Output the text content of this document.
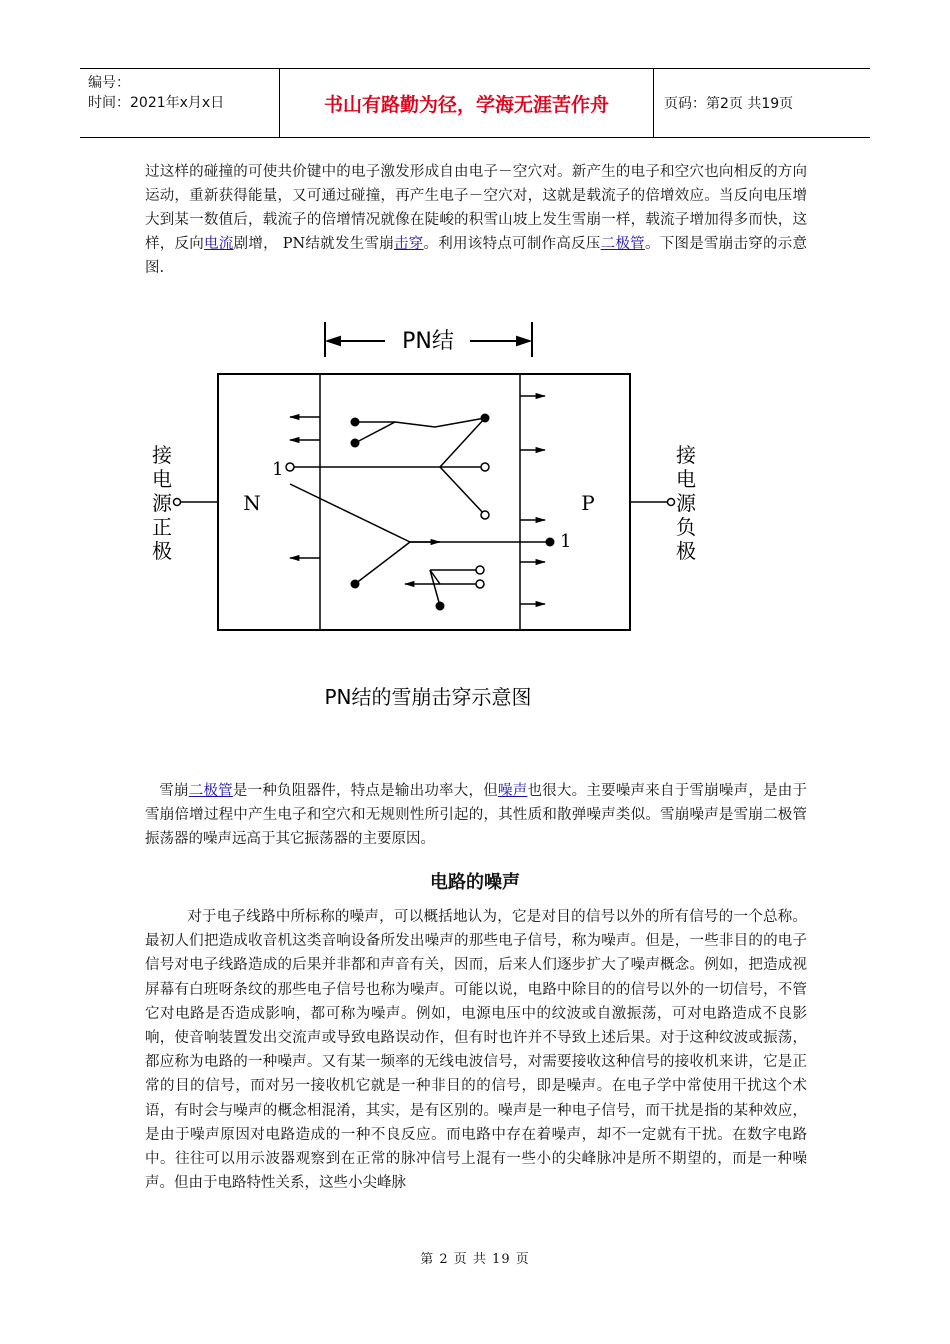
编号：
时间：2021年x月x日	书山有路勤为径，学海无涯苦作舟	页码：第2页 共19页
过这样的碰撞的可使共价键中的电子激发形成自由电子－空穴对。新产生的电子和空穴也向相反的方向运动，重新获得能量，又可通过碰撞，再产生电子－空穴对，这就是载流子的倍增效应。当反向电压增大到某一数值后，载流子的倍增情况就像在陡峻的积雪山坡上发生雪崩一样，载流子增加得多而快，这样，反向电流剧增， PN结就发生雪崩击穿。利用该特点可制作高反压二极管。下图是雪崩击穿的示意图.
PN结
N	P
1
1
PN结的雪崩击穿示意图
接电源正极
接电源负极
雪崩二极管是一种负阻器件，特点是输出功率大，但噪声也很大。主要噪声来自于雪崩噪声，是由于雪崩倍增过程中产生电子和空穴和无规则性所引起的，其性质和散弹噪声类似。雪崩噪声是雪崩二极管振荡器的噪声远高于其它振荡器的主要原因。
电路的噪声
对于电子线路中所标称的噪声，可以概括地认为，它是对目的信号以外的所有信号的一个总称。最初人们把造成收音机这类音响设备所发出噪声的那些电子信号，称为噪声。但是，一些非目的的电子信号对电子线路造成的后果并非都和声音有关，因而，后来人们逐步扩大了噪声概念。例如，把造成视屏幕有白班呀条纹的那些电子信号也称为噪声。可能以说，电路中除目的的信号以外的一切信号，不管它对电路是否造成影响，都可称为噪声。例如，电源电压中的纹波或自激振荡，可对电路造成不良影响，使音响装置发出交流声或导致电路误动作，但有时也许并不导致上述后果。对于这种纹波或振荡，都应称为电路的一种噪声。又有某一频率的无线电波信号，对需要接收这种信号的接收机来讲，它是正常的目的信号，而对另一接收机它就是一种非目的的信号，即是噪声。在电子学中常使用干扰这个术语，有时会与噪声的概念相混淆，其实，是有区别的。噪声是一种电子信号，而干扰是指的某种效应，是由于噪声原因对电路造成的一种不良反应。而电路中存在着噪声，却不一定就有干扰。在数字电路中。往往可以用示波器观察到在正常的脉冲信号上混有一些小的尖峰脉冲是所不期望的，而是一种噪声。但由于电路特性关系，这些小尖峰脉
第 2 页 共 19 页
